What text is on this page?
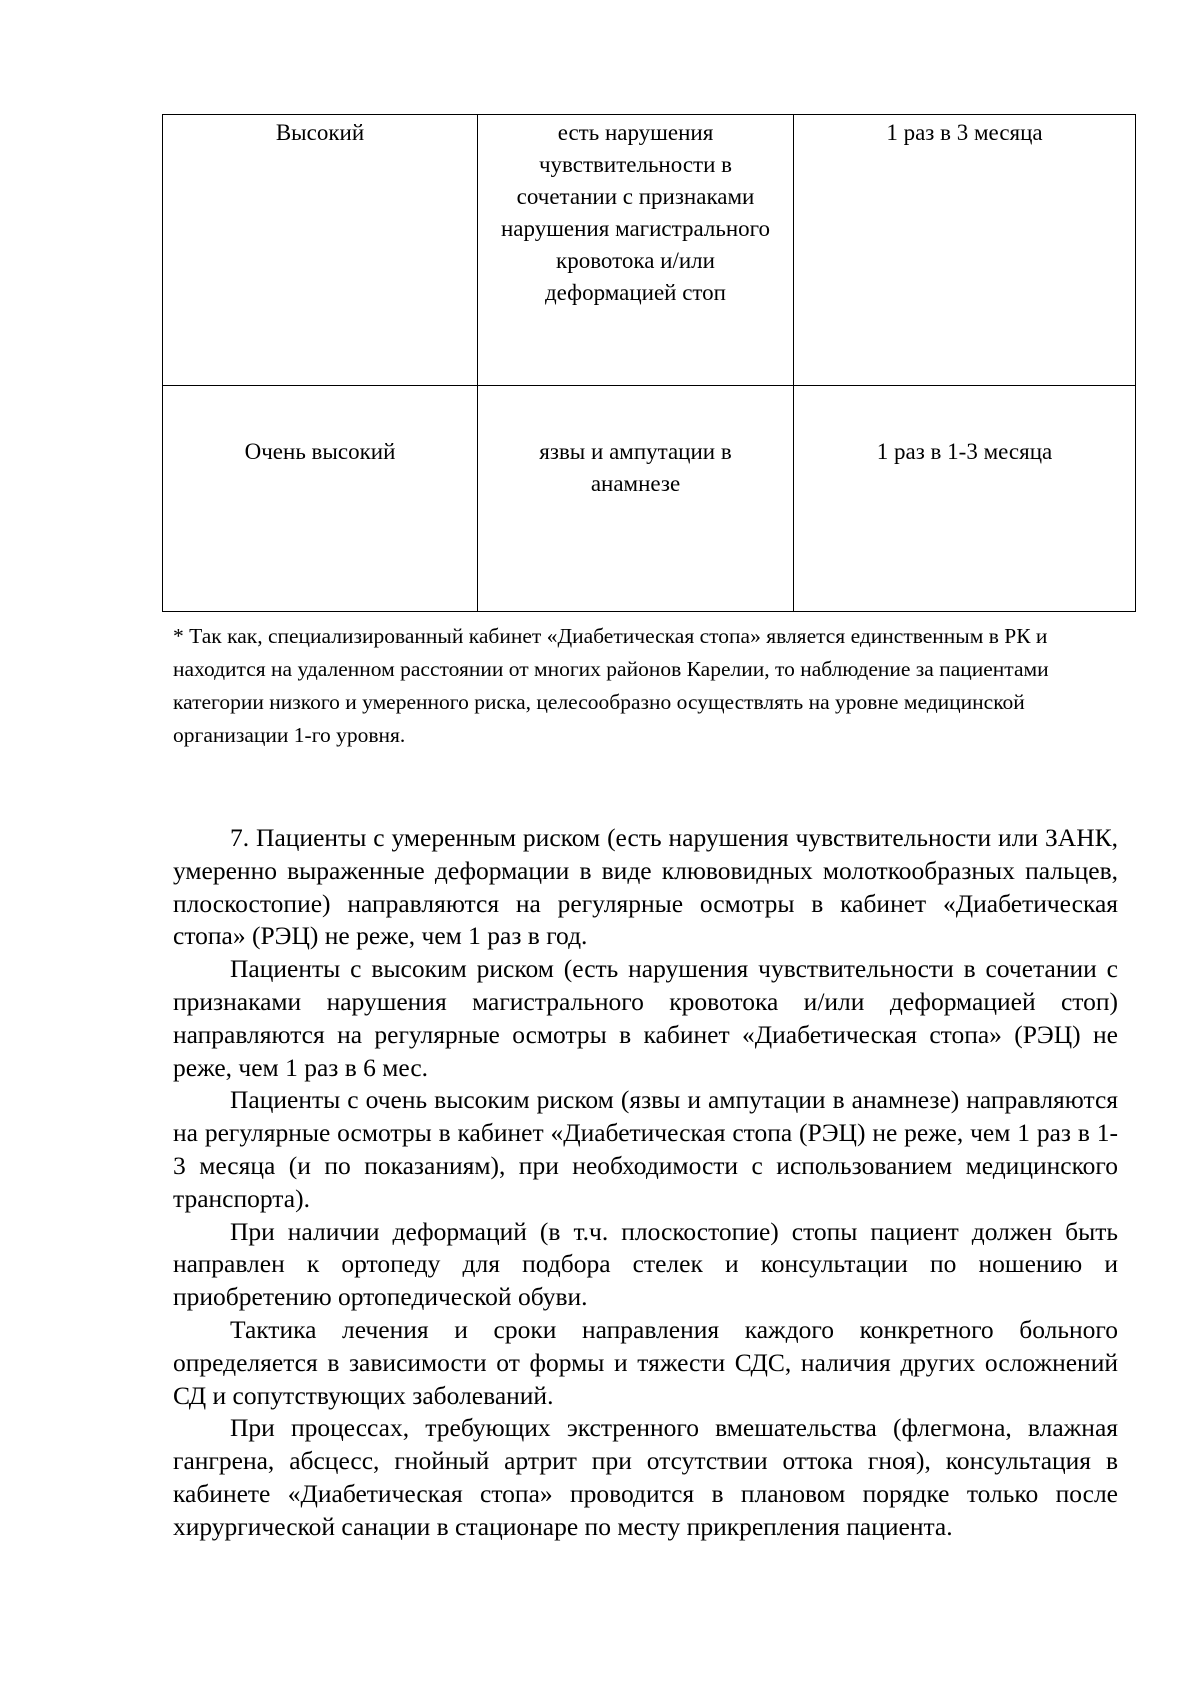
Высокий	есть нарушения чувствительности в сочетании с признаками нарушения магистрального кровотока и/или деформацией стоп	1 раз в 3 месяца
Очень высокий	язвы и ампутации в анамнезе	1 раз в 1-3 месяца

* Так как, специализированный кабинет «Диабетическая стопа» является единственным в РК и находится на удаленном расстоянии от многих районов Карелии, то наблюдение за пациентами категории низкого и умеренного риска, целесообразно осуществлять на уровне медицинской организации 1-го уровня.

7. Пациенты с умеренным риском (есть нарушения чувствительности или ЗАНК, умеренно выраженные деформации в виде клювовидных молоткообразных пальцев, плоскостопие) направляются на регулярные осмотры в кабинет «Диабетическая стопа» (РЭЦ) не реже, чем 1 раз в год.

Пациенты с высоким риском (есть нарушения чувствительности в сочетании с признаками нарушения магистрального кровотока и/или деформацией стоп) направляются на регулярные осмотры в кабинет «Диабетическая стопа» (РЭЦ) не реже, чем 1 раз в 6 мес.

Пациенты с очень высоким риском (язвы и ампутации в анамнезе) направляются на регулярные осмотры в кабинет «Диабетическая стопа (РЭЦ) не реже, чем 1 раз в 1-3 месяца (и по показаниям), при необходимости с использованием медицинского транспорта).

При наличии деформаций (в т.ч. плоскостопие) стопы пациент должен быть направлен к ортопеду для подбора стелек и консультации по ношению и приобретению ортопедической обуви.

Тактика лечения и сроки направления каждого конкретного больного определяется в зависимости от формы и тяжести СДС, наличия других осложнений СД и сопутствующих заболеваний.

При процессах, требующих экстренного вмешательства (флегмона, влажная гангрена, абсцесс, гнойный артрит при отсутствии оттока гноя), консультация в кабинете «Диабетическая стопа» проводится в плановом порядке только после хирургической санации в стационаре по месту прикрепления пациента.
